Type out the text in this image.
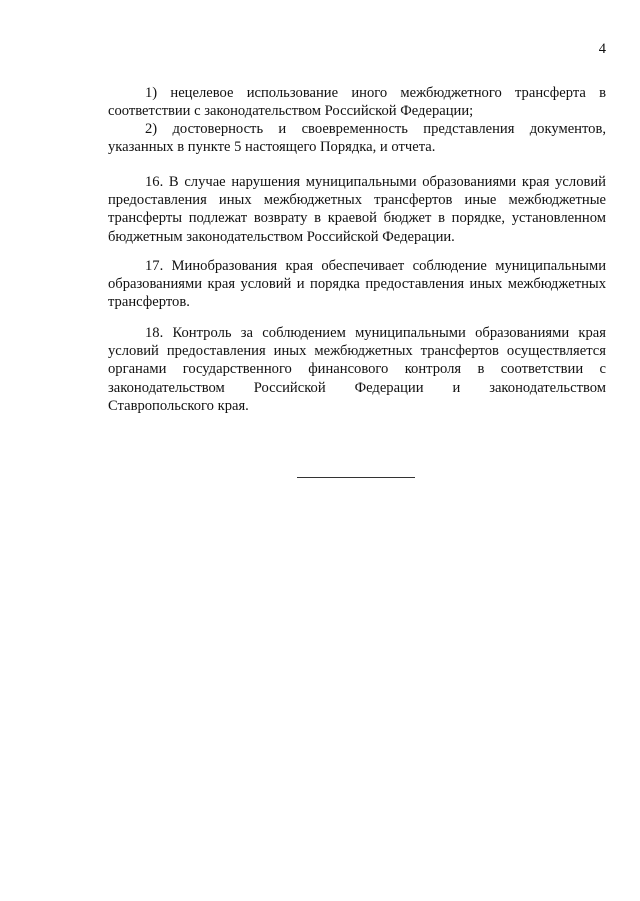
4

1) нецелевое использование иного межбюджетного трансферта в соответствии с законодательством Российской Федерации;

2) достоверность и своевременность представления документов, указанных в пункте 5 настоящего Порядка, и отчета.

16. В случае нарушения муниципальными образованиями края условий предоставления иных межбюджетных трансфертов иные межбюджетные трансферты подлежат возврату в краевой бюджет в порядке, установленном бюджетным законодательством Российской Федерации.

17. Минобразования края обеспечивает соблюдение муниципальными образованиями края условий и порядка предоставления иных межбюджетных трансфертов.

18. Контроль за соблюдением муниципальными образованиями края условий предоставления иных межбюджетных трансфертов осуществляется органами государственного финансового контроля в соответствии с законодательством Российской Федерации и законодательством Ставропольского края.
